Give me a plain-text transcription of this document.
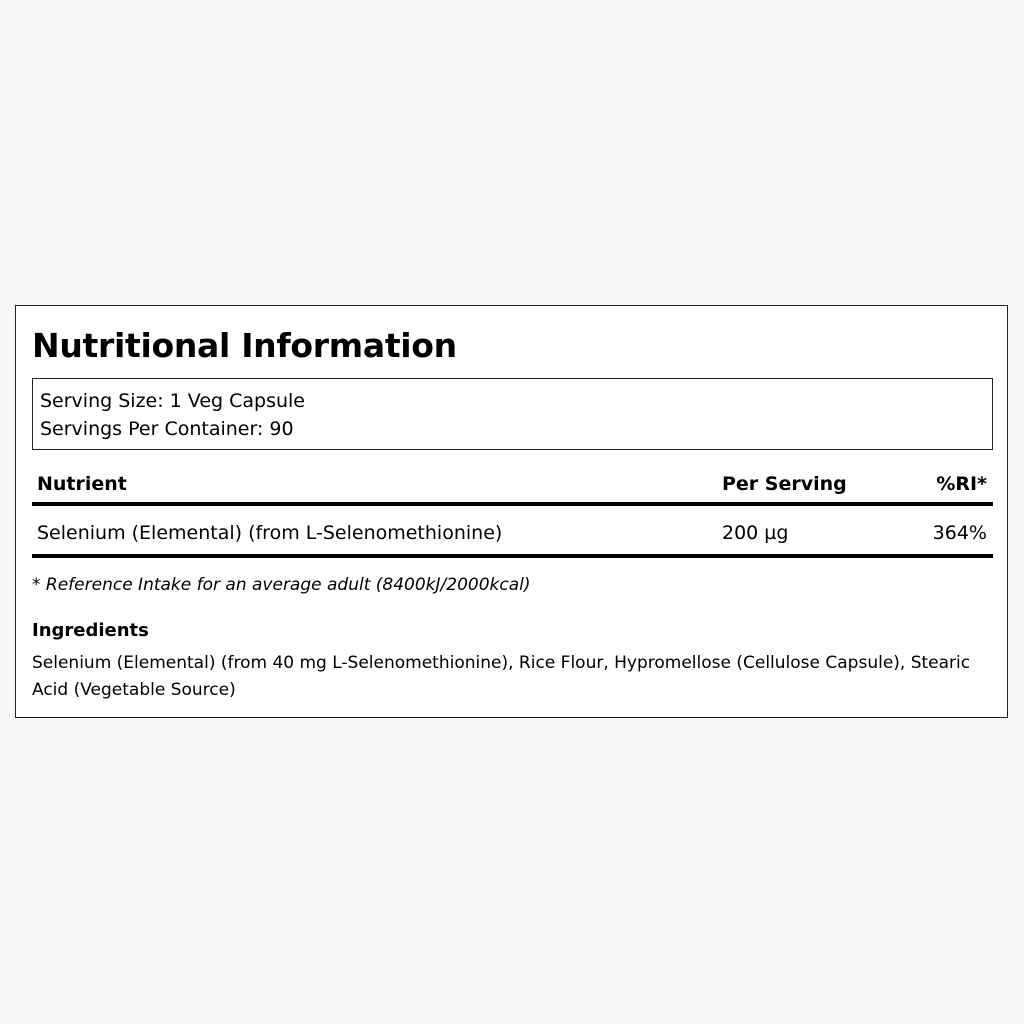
Nutritional Information
Serving Size: 1 Veg Capsule
Servings Per Container: 90
Nutrient	Per Serving	%RI*
Selenium (Elemental) (from L-Selenomethionine)	200 µg	364%
* Reference Intake for an average adult (8400kJ/2000kcal)
Ingredients
Selenium (Elemental) (from 40 mg L-Selenomethionine), Rice Flour, Hypromellose (Cellulose Capsule), Stearic Acid (Vegetable Source)
